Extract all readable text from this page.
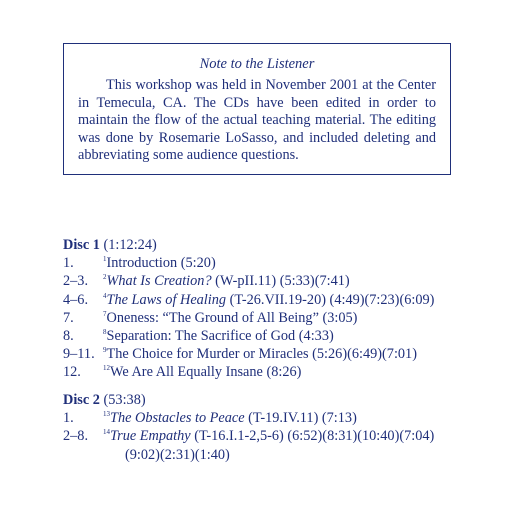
Note to the Listener

This workshop was held in November 2001 at the Center in Temecula, CA. The CDs have been edited in order to maintain the flow of the actual teaching material. The editing was done by Rosemarie LoSasso, and included deleting and abbreviating some audience questions.

Disc 1 (1:12:24)
1.	$^1$Introduction (5:20)
2–3. $^2$What Is Creation? (W-pII.11) (5:33)(7:41)
4–6. $^4$The Laws of Healing (T-26.VII.19-20) (4:49)(7:23)(6:09)
7.	$^7$Oneness: “The Ground of All Being” (3:05)
8.	$^8$Separation: The Sacrifice of God (4:33)
9–11. $^9$The Choice for Murder or Miracles (5:26)(6:49)(7:01)
12.	$^{12}$We Are All Equally Insane (8:26)
Disc 2 (53:38)
1.	$^{13}$The Obstacles to Peace (T-19.IV.11) (7:13)
2–8. $^{14}$True Empathy (T-16.I.1-2,5-6) (6:52)(8:31)(10:40)(7:04)
(9:02)(2:31)(1:40)
